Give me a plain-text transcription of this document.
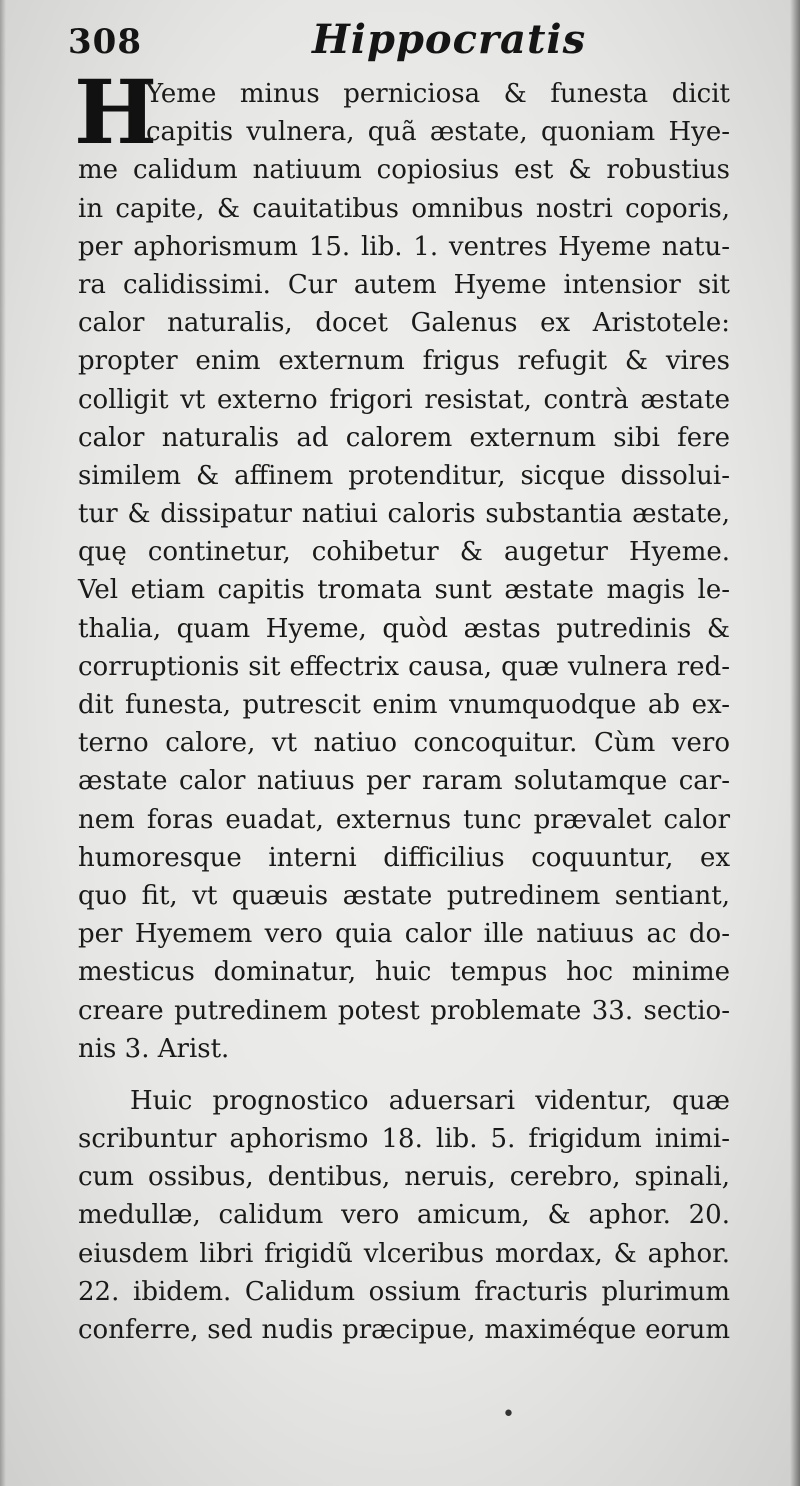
308	Hippocratis
H
Yeme minus perniciosa & funesta dicit
capitis vulnera, quã æstate, quoniam Hye-
me calidum natiuum copiosius est & robustius
in capite, & cauitatibus omnibus nostri coporis,
per aphorismum 15. lib. 1. ventres Hyeme natu-
ra calidissimi. Cur autem Hyeme intensior sit
calor naturalis, docet Galenus ex Aristotele:
propter enim externum frigus refugit & vires
colligit vt externo frigori resistat, contrà æstate
calor naturalis ad calorem externum sibi fere
similem & affinem protenditur, sicque dissolui-
tur & dissipatur natiui caloris substantia æstate,
quę continetur, cohibetur & augetur Hyeme.
Vel etiam capitis tromata sunt æstate magis le-
thalia, quam Hyeme, quòd æstas putredinis &
corruptionis sit effectrix causa, quæ vulnera red-
dit funesta, putrescit enim vnumquodque ab ex-
terno calore, vt natiuo concoquitur. Cùm vero
æstate calor natiuus per raram solutamque car-
nem foras euadat, externus tunc prævalet calor
humoresque interni difficilius coquuntur, ex
quo fit, vt quæuis æstate putredinem sentiant,
per Hyemem vero quia calor ille natiuus ac do-
mesticus dominatur, huic tempus hoc minime
creare putredinem potest problemate 33. sectio-
nis 3. Arist.
Huic prognostico aduersari videntur, quæ
scribuntur aphorismo 18. lib. 5. frigidum inimi-
cum ossibus, dentibus, neruis, cerebro, spinali,
medullæ, calidum vero amicum, & aphor. 20.
eiusdem libri frigidũ vlceribus mordax, & aphor.
22. ibidem. Calidum ossium fracturis plurimum
conferre, sed nudis præcipue, maximéque eorum
•
